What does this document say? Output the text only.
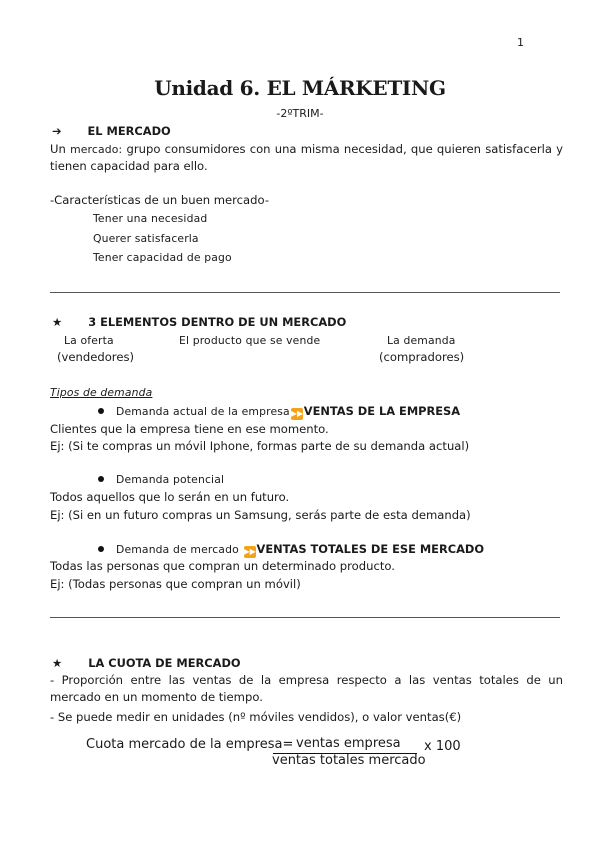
1
Unidad 6. EL MÁRKETING
-2ºTRIM-
➔ EL MERCADO
Un mercado: grupo consumidores con una misma necesidad, que quieren satisfacerla y tienen capacidad para ello.
-Características de un buen mercado-
Tener una necesidad
Querer satisfacerla
Tener capacidad de pago
★ 3 ELEMENTOS DENTRO DE UN MERCADO
La oferta
(vendedores)
El producto que se vende	La demanda
(compradores)
Tipos de demanda
Demanda actual de la empresa▶▶VENTAS DE LA EMPRESA
Clientes que la empresa tiene en ese momento.
Ej: (Si te compras un móvil Iphone, formas parte de su demanda actual)
Demanda potencial
Todos aquellos que lo serán en un futuro.
Ej: (Si en un futuro compras un Samsung, serás parte de esta demanda)
Demanda de mercado ▶▶VENTAS TOTALES DE ESE MERCADO
Todas las personas que compran un determinado producto.
Ej: (Todas personas que compran un móvil)
★ LA CUOTA DE MERCADO
- Proporción entre las ventas de la empresa respecto a las ventas totales de un mercado en un momento de tiempo.
- Se puede medir en unidades (nº móviles vendidos), o valor ventas(€)
Cuota mercado de la empresa= ventas empresa
ventas totales mercado
x 100
